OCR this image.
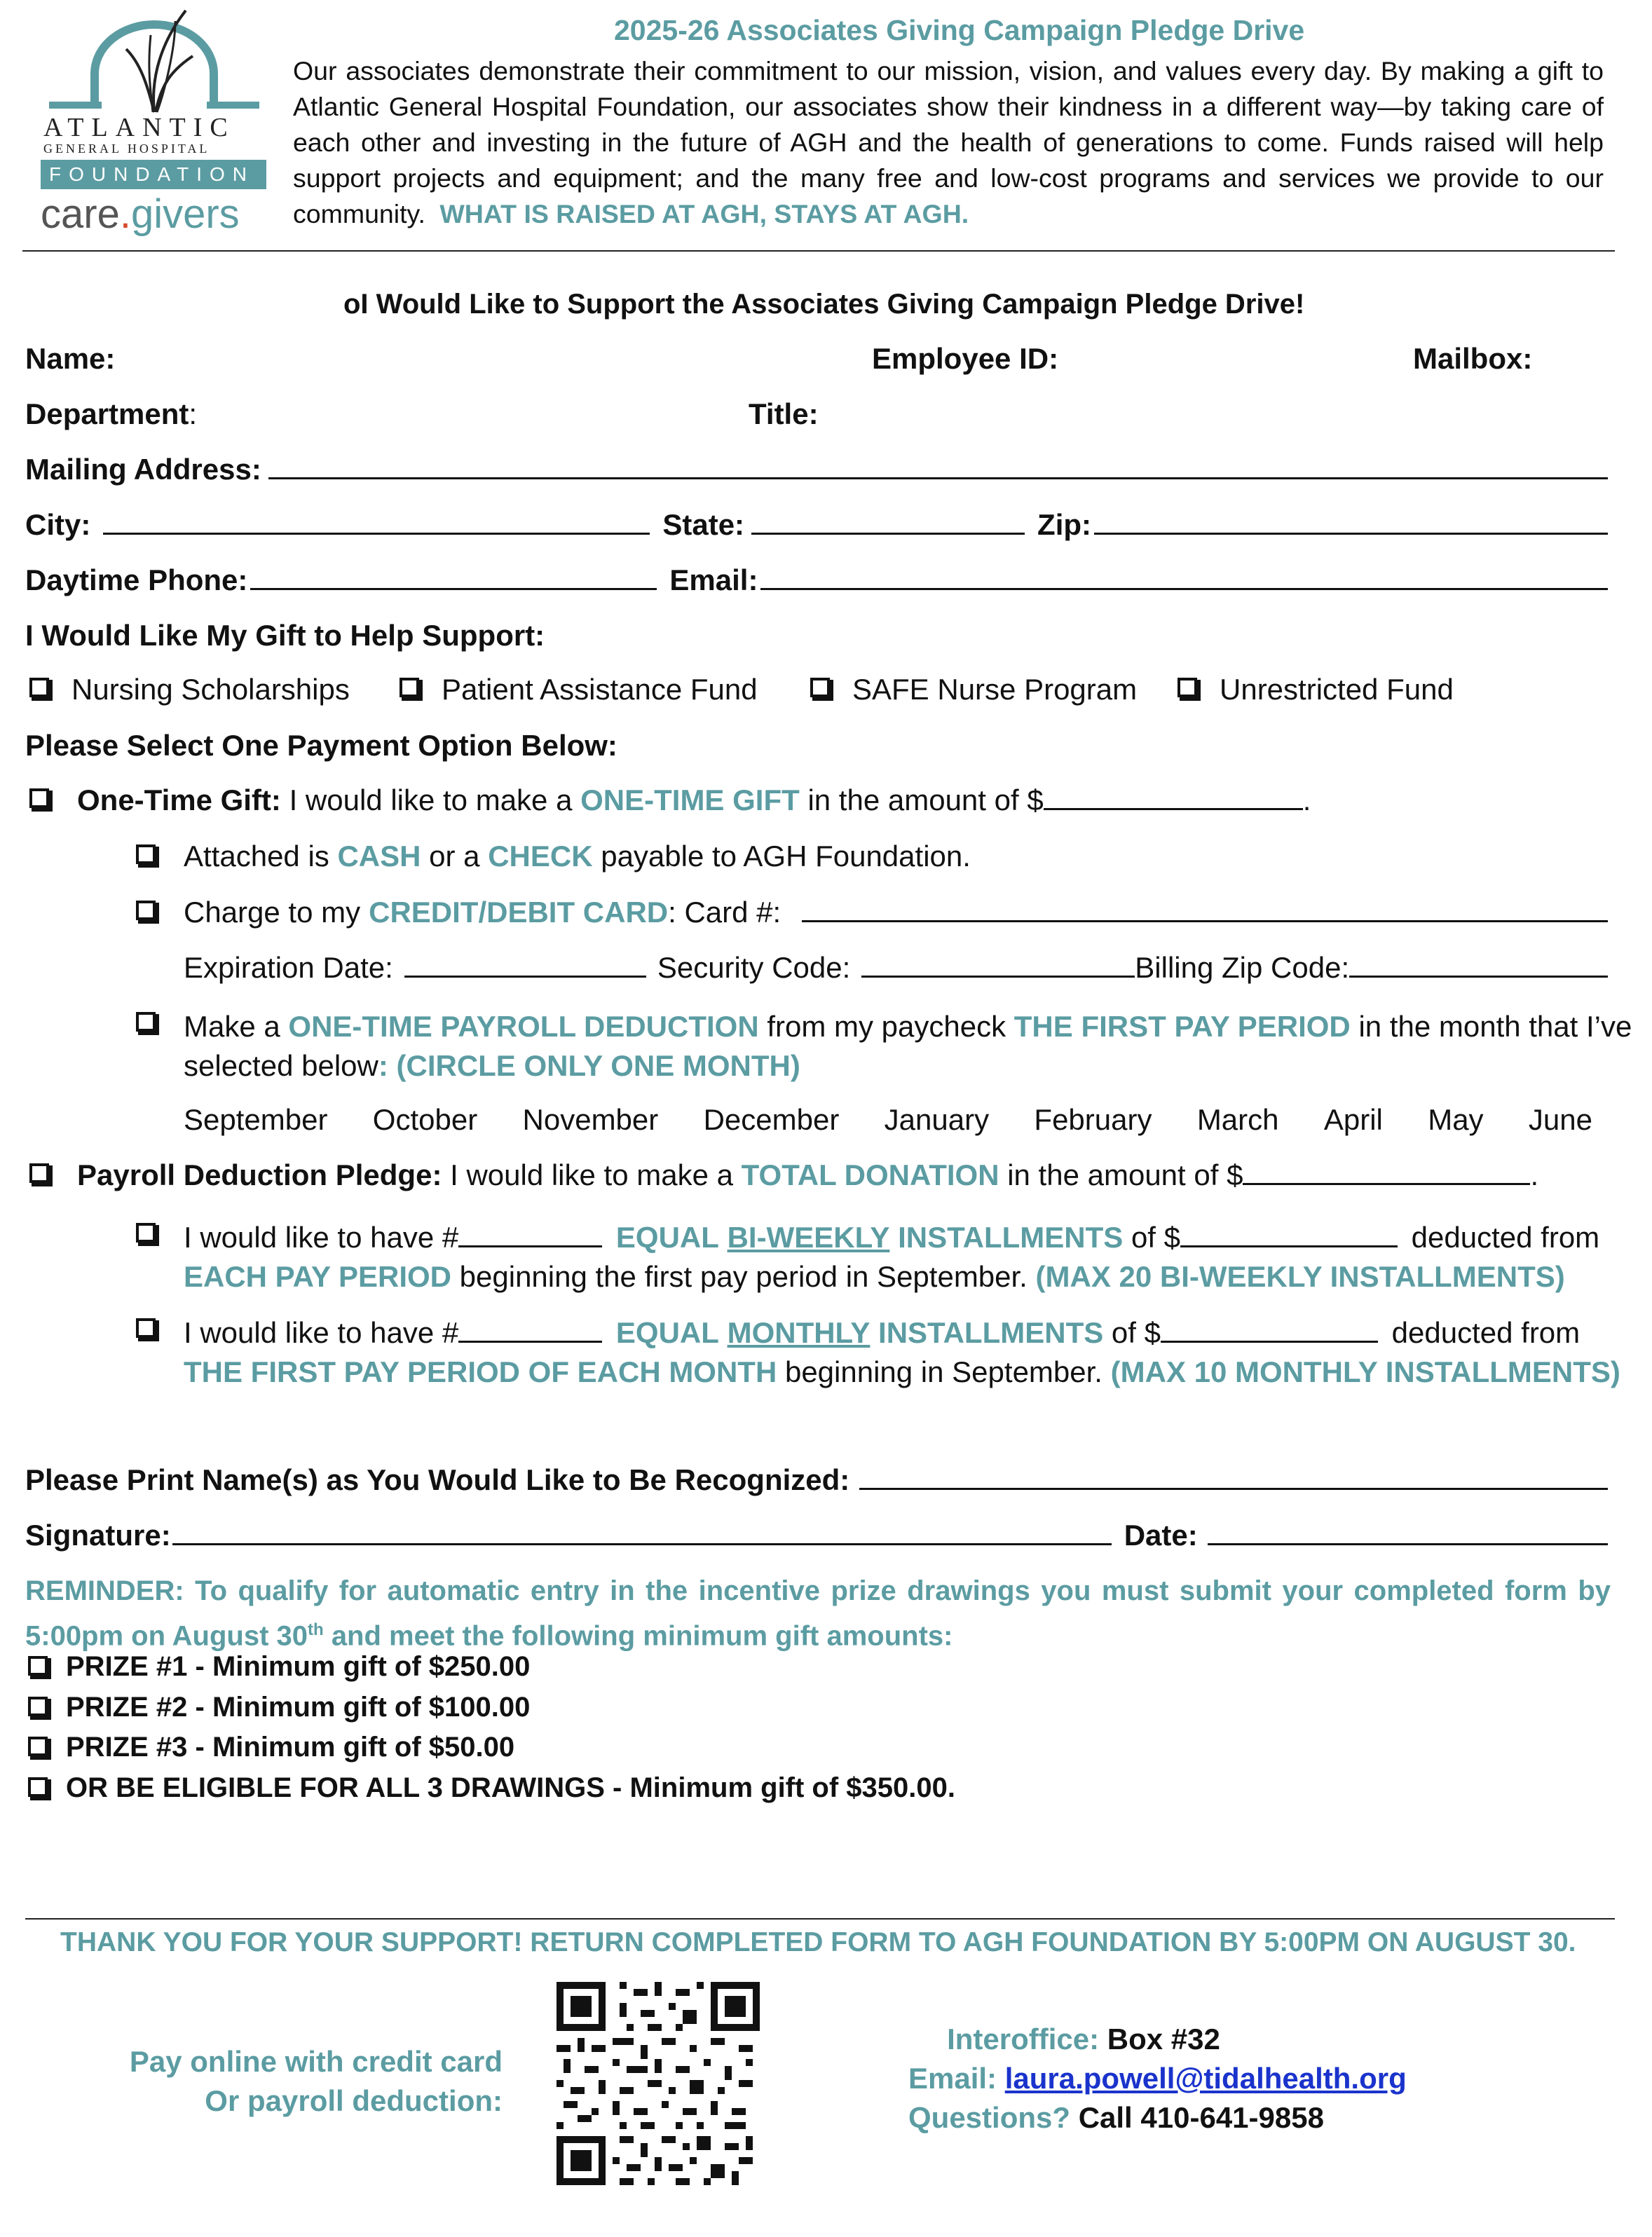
ATLANTIC
GENERAL HOSPITAL
FOUNDATION
care.givers
2025-26 Associates Giving Campaign Pledge Drive
Our associates demonstrate their commitment to our mission, vision, and values every day. By making a gift to Atlantic General Hospital Foundation, our associates show their kindness in a different way—by taking care of each other and investing in the future of AGH and the health of generations to come. Funds raised will help support projects and equipment; and the many free and low-cost programs and services we provide to our community. WHAT IS RAISED AT AGH, STAYS AT AGH.
oI Would Like to Support the Associates Giving Campaign Pledge Drive!
Name:	Employee ID:	Mailbox:
Department:	Title:
Mailing Address:
City:	State:	Zip:
Daytime Phone:	Email:
I Would Like My Gift to Help Support:
Nursing Scholarships	Patient Assistance Fund	SAFE Nurse Program	Unrestricted Fund
Please Select One Payment Option Below:
One-Time Gift: I would like to make a ONE-TIME GIFT in the amount of $	.
Attached is CASH or a CHECK payable to AGH Foundation.
Charge to my CREDIT/DEBIT CARD : Card #:
Expiration Date:	Security Code:	Billing Zip Code:
Make a ONE-TIME PAYROLL DEDUCTION from my paycheck THE FIRST PAY PERIOD in the month that I’ve
selected below: (CIRCLE ONLY ONE MONTH)
September October November December January February March April May June
Payroll Deduction Pledge: I would like to make a TOTAL DONATION in the amount of $	.
I would like to have #	EQUAL BI-WEEKLY INSTALLMENTS of $	deducted from
EACH PAY PERIOD beginning the first pay period in September. (MAX 20 BI-WEEKLY INSTALLMENTS)
I would like to have #	EQUAL MONTHLY INSTALLMENTS of $	deducted from
THE FIRST PAY PERIOD OF EACH MONTH beginning in September. (MAX 10 MONTHLY INSTALLMENTS)
Please Print Name(s) as You Would Like to Be Recognized:
Signature:	Date:
REMINDER: To qualify for automatic entry in the incentive prize drawings you must submit your completed form by 5:00pm on August 30th and meet the following minimum gift amounts:
PRIZE #1 - Minimum gift of $250.00
PRIZE #2 - Minimum gift of $100.00
PRIZE #3 - Minimum gift of $50.00
OR BE ELIGIBLE FOR ALL 3 DRAWINGS - Minimum gift of $350.00.
THANK YOU FOR YOUR SUPPORT! RETURN COMPLETED FORM TO AGH FOUNDATION BY 5:00PM ON AUGUST 30.
Pay online with credit card
Or payroll deduction:
Interoffice: Box #32
Email: laura.powell@tidalhealth.org
Questions? Call 410-641-9858
